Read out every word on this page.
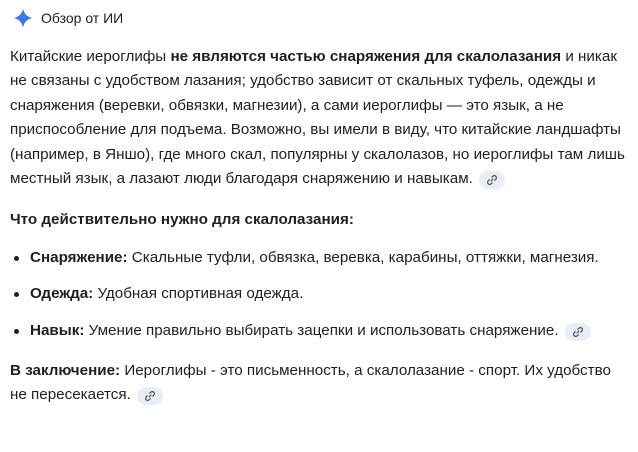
Обзор от ИИ

Китайские иероглифы не являются частью снаряжения для скалолазания и никак не связаны с удобством лазания; удобство зависит от скальных туфель, одежды и снаряжения (веревки, обвязки, магнезии), а сами иероглифы — это язык, а не приспособление для подъема. Возможно, вы имели в виду, что китайские ландшафты (например, в Яншо), где много скал, популярны у скалолазов, но иероглифы там лишь местный язык, а лазают люди благодаря снаряжению и навыкам.

Что действительно нужно для скалолазания:

Снаряжение: Скальные туфли, обвязка, веревка, карабины, оттяжки, магнезия.
Одежда: Удобная спортивная одежда.
Навык: Умение правильно выбирать зацепки и использовать снаряжение.

В заключение: Иероглифы - это письменность, а скалолазание - спорт. Их удобство не пересекается.
